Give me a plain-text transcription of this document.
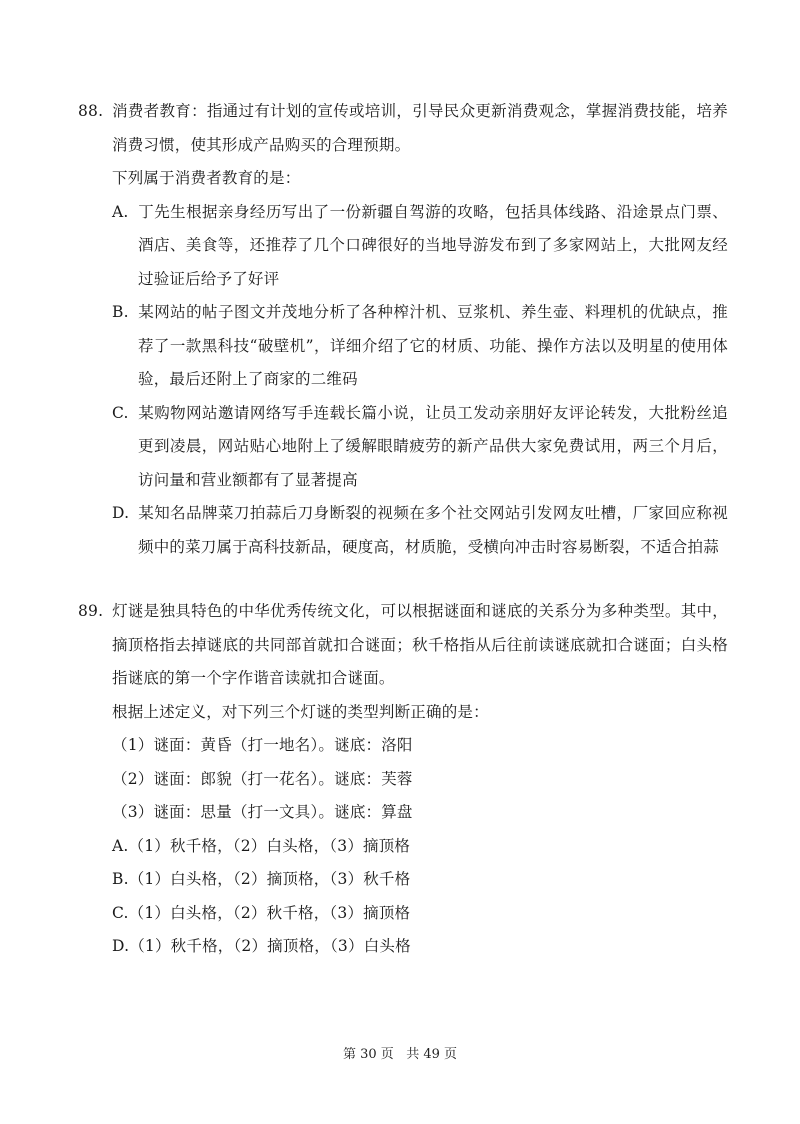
88. 消费者教育：指通过有计划的宣传或培训，引导民众更新消费观念，掌握消费技能，培养消费习惯，使其形成产品购买的合理预期。

下列属于消费者教育的是：

A. 丁先生根据亲身经历写出了一份新疆自驾游的攻略，包括具体线路、沿途景点门票、酒店、美食等，还推荐了几个口碑很好的当地导游发布到了多家网站上，大批网友经过验证后给予了好评

B. 某网站的帖子图文并茂地分析了各种榨汁机、豆浆机、养生壶、料理机的优缺点，推荐了一款黑科技“破壁机”，详细介绍了它的材质、功能、操作方法以及明星的使用体验，最后还附上了商家的二维码

C. 某购物网站邀请网络写手连载长篇小说，让员工发动亲朋好友评论转发，大批粉丝追更到凌晨，网站贴心地附上了缓解眼睛疲劳的新产品供大家免费试用，两三个月后，访问量和营业额都有了显著提高

D. 某知名品牌菜刀拍蒜后刀身断裂的视频在多个社交网站引发网友吐槽，厂家回应称视频中的菜刀属于高科技新品，硬度高，材质脆，受横向冲击时容易断裂，不适合拍蒜

89. 灯谜是独具特色的中华优秀传统文化，可以根据谜面和谜底的关系分为多种类型。其中，摘顶格指去掉谜底的共同部首就扣合谜面；秋千格指从后往前读谜底就扣合谜面；白头格指谜底的第一个字作谐音读就扣合谜面。

根据上述定义，对下列三个灯谜的类型判断正确的是：

（1）谜面：黄昏（打一地名）。谜底：洛阳

（2）谜面：郎貌（打一花名）。谜底：芙蓉

（3）谜面：思量（打一文具）。谜底：算盘

A.（1）秋千格，（2）白头格，（3）摘顶格

B.（1）白头格，（2）摘顶格，（3）秋千格

C.（1）白头格，（2）秋千格，（3）摘顶格

D.（1）秋千格，（2）摘顶格，（3）白头格

第 30 页   共 49 页
